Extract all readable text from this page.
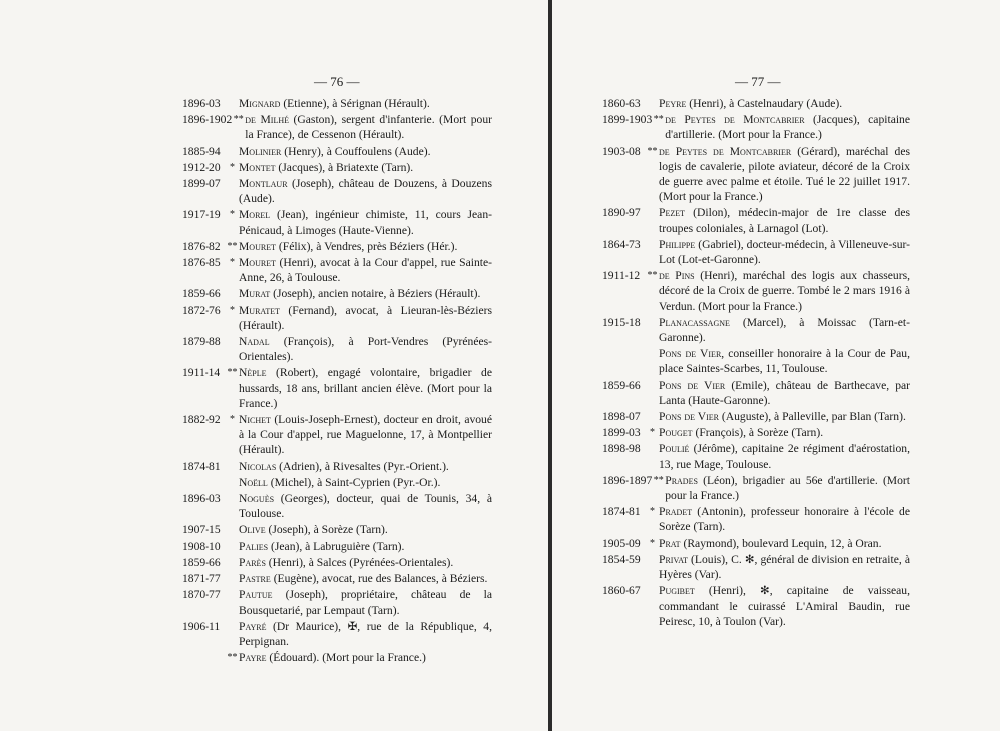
— 76 —
1896-03	Mignard (Etienne), à Sérignan (Hérault).
1896-1902 ** de Milhé (Gaston), sergent d'infanterie. (Mort pour la France), de Cessenon (Hérault).
1885-94	Molinier (Henry), à Couffoulens (Aude).
1912-20 * Montet (Jacques), à Briatexte (Tarn).
1899-07	Montlaur (Joseph), château de Douzens, à Douzens (Aude).
1917-19 * Morel (Jean), ingénieur chimiste, 11, cours Jean-Pénicaud, à Limoges (Haute-Vienne).
1876-82 ** Mouret (Félix), à Vendres, près Béziers (Hér.).
1876-85 * Mouret (Henri), avocat à la Cour d'appel, rue Sainte-Anne, 26, à Toulouse.
1859-66	Murat (Joseph), ancien notaire, à Béziers (Hérault).
1872-76 * Muratet (Fernand), avocat, à Lieuran-lès-Béziers (Hérault).
1879-88	Nadal (François), à Port-Vendres (Pyrénées-Orientales).
1911-14 ** Nèple (Robert), engagé volontaire, brigadier de hussards, 18 ans, brillant ancien élève. (Mort pour la France.)
1882-92 * Nichet (Louis-Joseph-Ernest), docteur en droit, avoué à la Cour d'appel, rue Maguelonne, 17, à Montpellier (Hérault).
1874-81	Nicolas (Adrien), à Rivesaltes (Pyr.-Orient.).
Noëll (Michel), à Saint-Cyprien (Pyr.-Or.).
1896-03	Noguès (Georges), docteur, quai de Tounis, 34, à Toulouse.
1907-15	Olive (Joseph), à Sorèze (Tarn).
1908-10	Palies (Jean), à Labruguière (Tarn).
1859-66	Parès (Henri), à Salces (Pyrénées-Orientales).
1871-77	Pastre (Eugène), avocat, rue des Balances, à Béziers.
1870-77	Pautue (Joseph), propriétaire, château de la Bousquetarié, par Lempaut (Tarn).
1906-11	Payré (Dr Maurice), ✠, rue de la République, 4, Perpignan.
** Payre (Édouard). (Mort pour la France.)
— 77 —
1860-63	Peyre (Henri), à Castelnaudary (Aude).
1899-1903 ** de Peytes de Montcabrier (Jacques), capitaine d'artillerie. (Mort pour la France.)
1903-08 ** de Peytes de Montcabrier (Gérard), maréchal des logis de cavalerie, pilote aviateur, décoré de la Croix de guerre avec palme et étoile. Tué le 22 juillet 1917. (Mort pour la France.)
1890-97	Pezet (Dilon), médecin-major de 1re classe des troupes coloniales, à Larnagol (Lot).
1864-73	Philippe (Gabriel), docteur-médecin, à Villeneuve-sur-Lot (Lot-et-Garonne).
1911-12 ** de Pins (Henri), maréchal des logis aux chasseurs, décoré de la Croix de guerre. Tombé le 2 mars 1916 à Verdun. (Mort pour la France.)
1915-18	Planacassagne (Marcel), à Moissac (Tarn-et-Garonne).
Pons de Vier, conseiller honoraire à la Cour de Pau, place Saintes-Scarbes, 11, Toulouse.
1859-66	Pons de Vier (Emile), château de Barthecave, par Lanta (Haute-Garonne).
1898-07	Pons de Vier (Auguste), à Palleville, par Blan (Tarn).
1899-03 * Pouget (François), à Sorèze (Tarn).
1898-98	Poulié (Jérôme), capitaine 2e régiment d'aérostation, 13, rue Mage, Toulouse.
1896-1897 ** Prades (Léon), brigadier au 56e d'artillerie. (Mort pour la France.)
1874-81 * Pradet (Antonin), professeur honoraire à l'école de Sorèze (Tarn).
1905-09 * Prat (Raymond), boulevard Lequin, 12, à Oran.
1854-59	Privat (Louis), C. ✻, général de division en retraite, à Hyères (Var).
1860-67	Pugibet (Henri), ✻, capitaine de vaisseau, commandant le cuirassé L'Amiral Baudin, rue Peiresc, 10, à Toulon (Var).
